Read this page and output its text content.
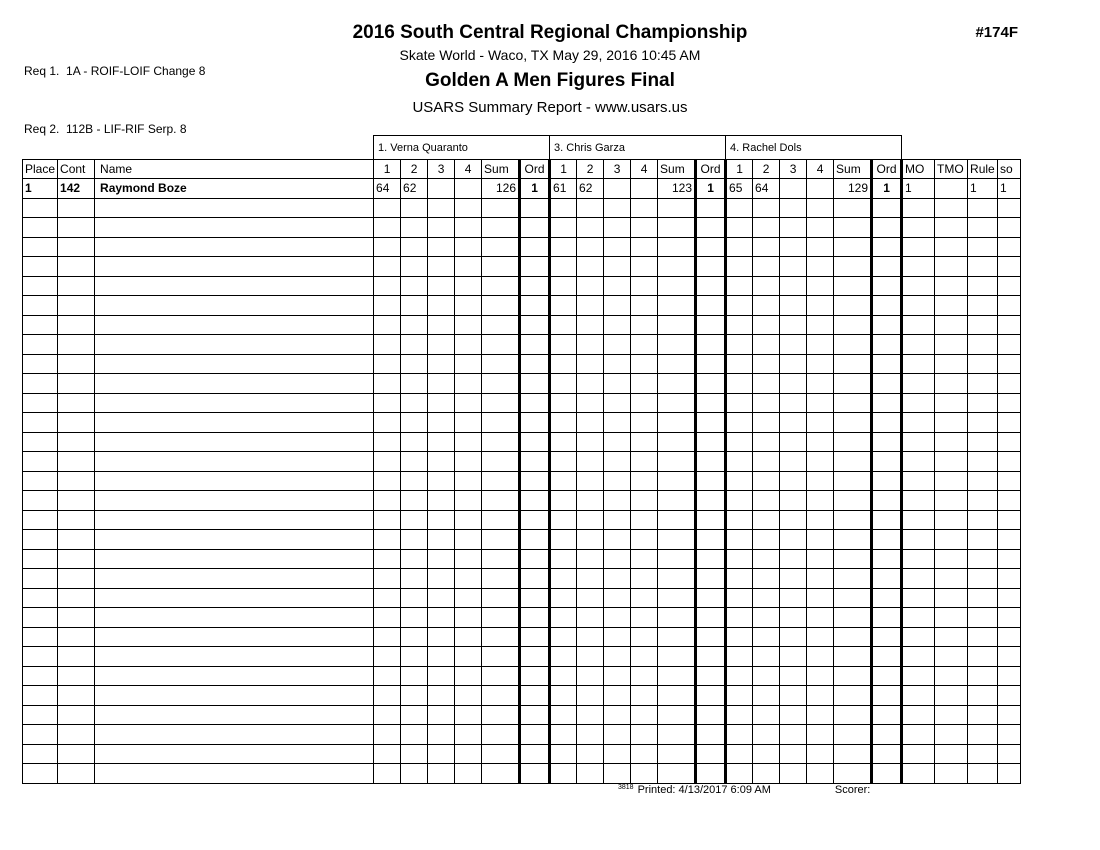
Req 1.  1A - ROIF-LOIF Change 8

Req 2.  112B - LIF-RIF Serp. 8

2016 South Central Regional Championship
Skate World - Waco, TX May 29, 2016 10:45 AM
Golden A Men Figures Final
USARS Summary Report - www.usars.us
#174F
			1. Verna Quaranto						3. Chris Garza						4. Rachel Dols									
Place	Cont	Name	1	2	3	4	Sum	Ord	1	2	3	4	Sum	Ord	1	2	3	4	Sum	Ord	MO	TMO	Rule	so
1	142	Raymond Boze	64	62			126	1	61	62			123	1	65	64			129	1	1		1	1

$^{3818}$ Printed: 4/13/2017 6:09 AM	Scorer:
